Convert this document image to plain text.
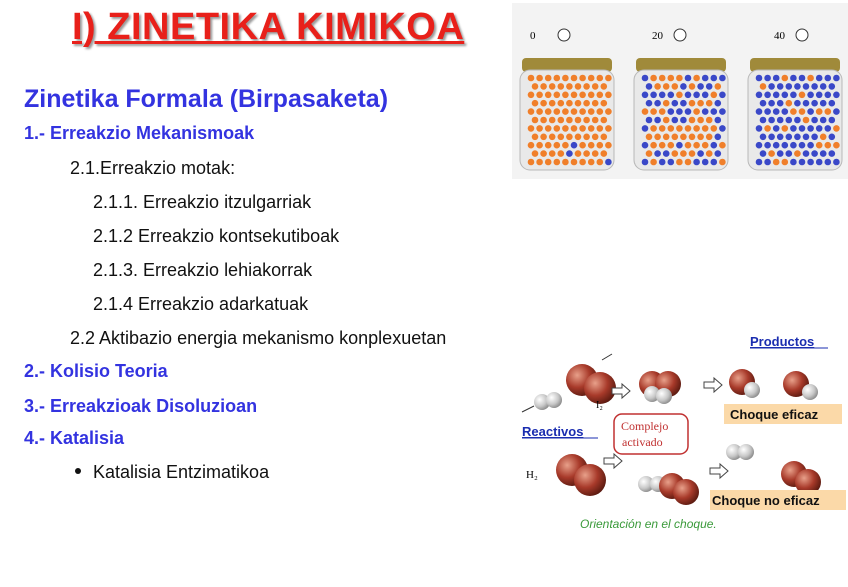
I) ZINETIKA KIMIKOA
Zinetika Formala (Birpasaketa)
1.- Erreakzio Mekanismoak
2.1.Erreakzio motak:
2.1.1. Erreakzio itzulgarriak
2.1.2 Erreakzio kontsekutiboak
2.1.3. Erreakzio lehiakorrak
2.1.4 Erreakzio adarkatuak
2.2 Aktibazio energia mekanismo konplexuetan
2.- Kolisio Teoria
3.- Erreakzioak Disoluzioan
4.- Katalisia
Katalisia Entzimatikoa
0	20	40
Productos
I₂
Choque eficaz
Reactivos	Complejo
activado
H₂
Choque no eficaz
Orientación en el choque.
